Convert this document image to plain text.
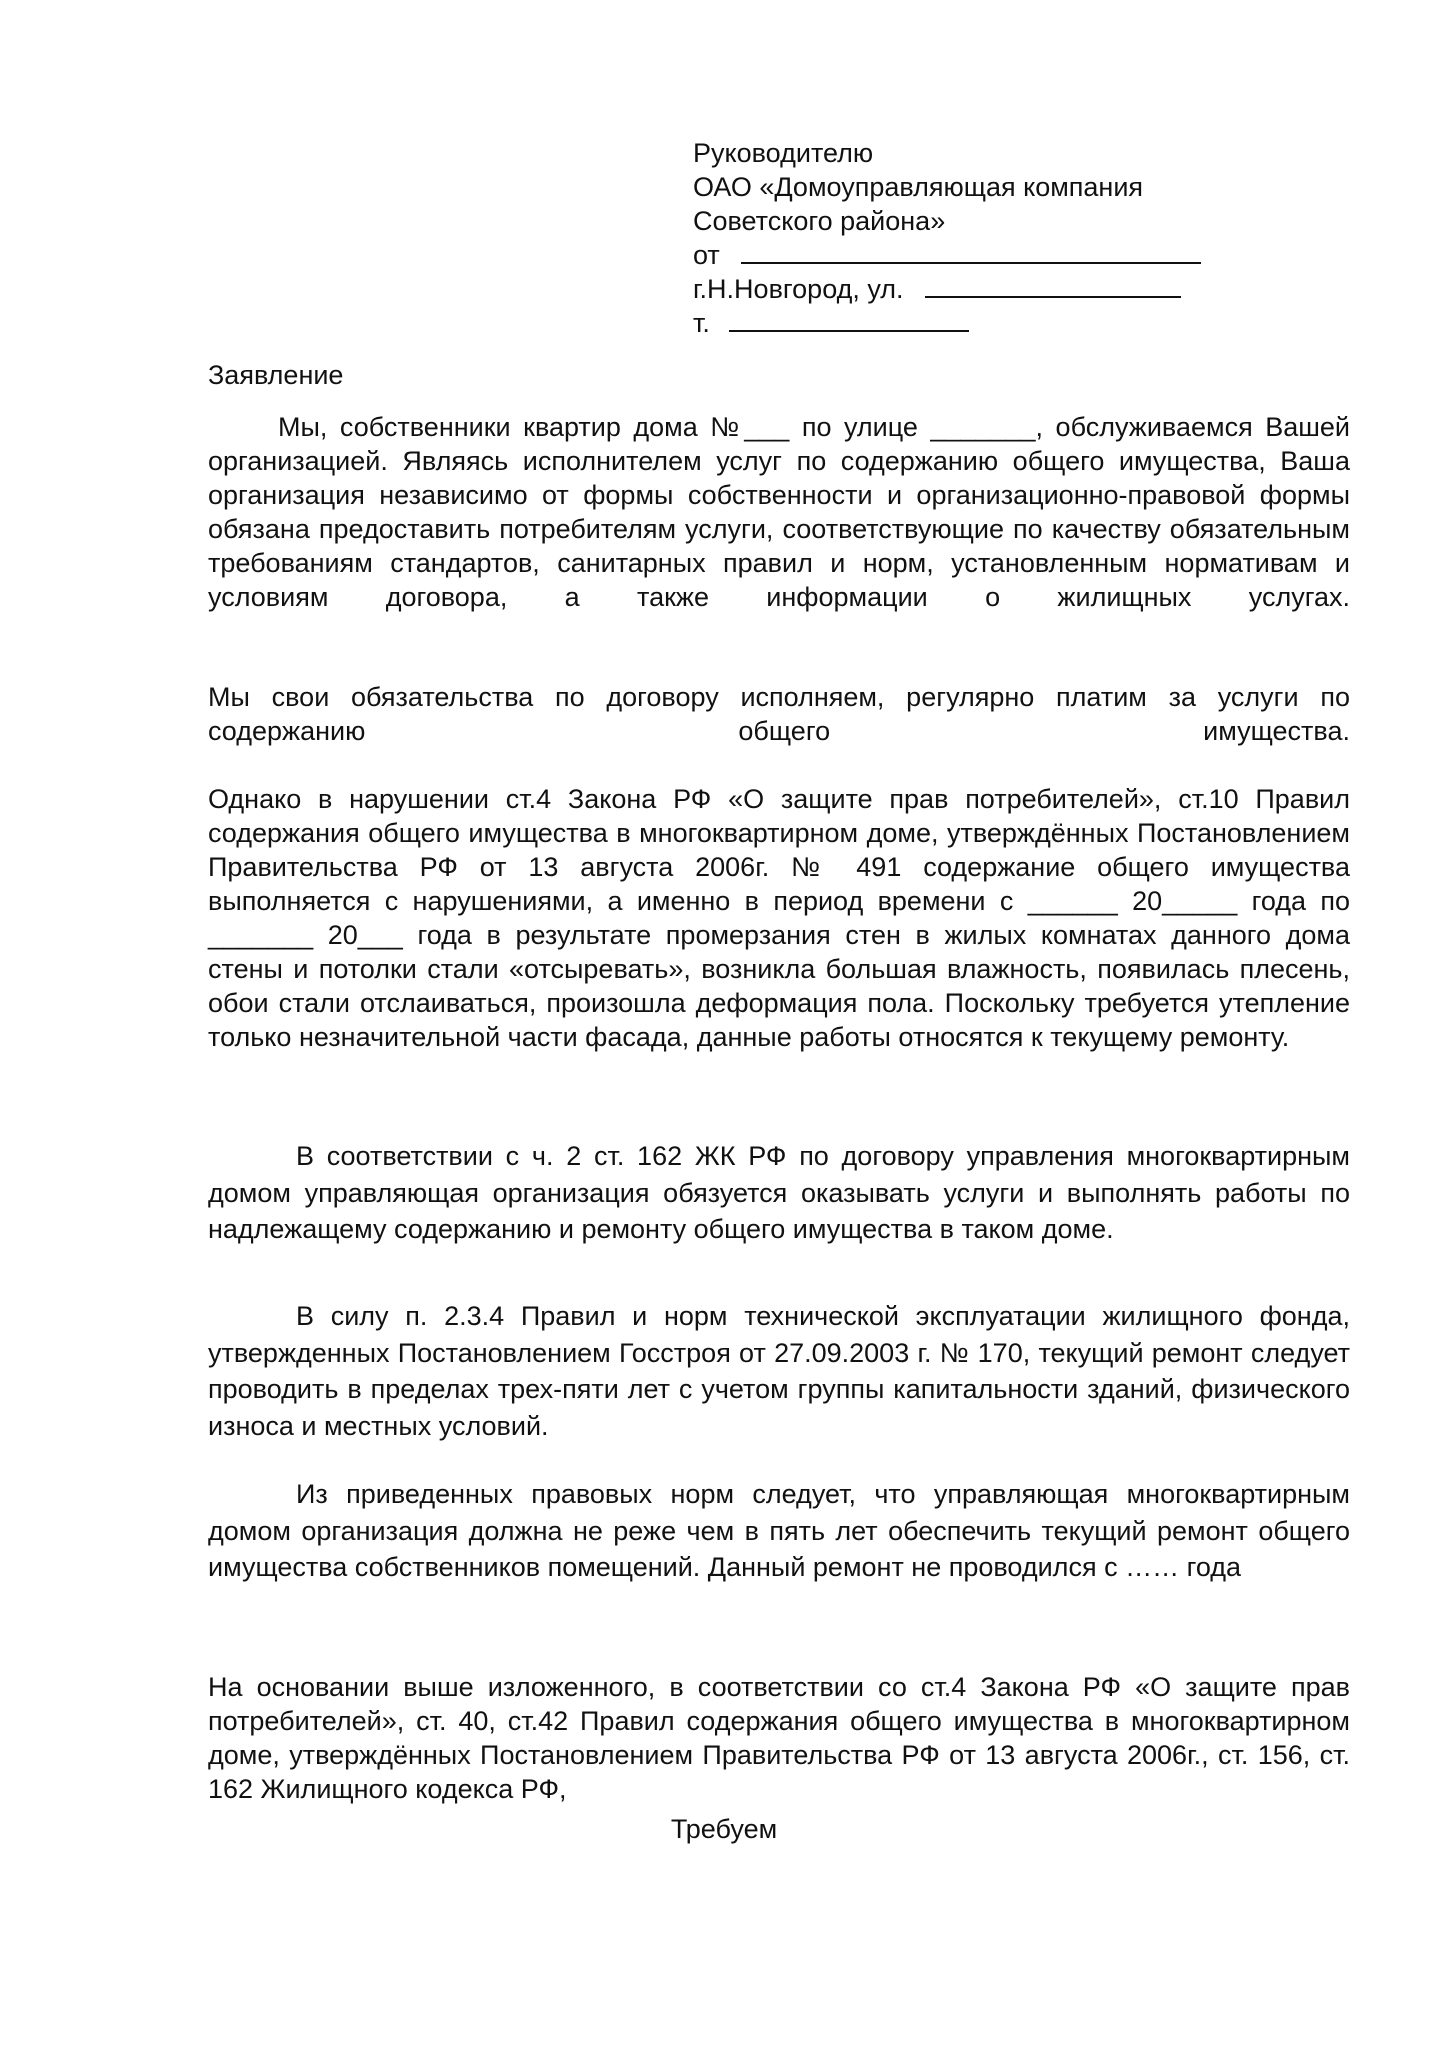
Руководителю
ОАО «Домоуправляющая компания
Советского района»
от
г.Н.Новгород, ул.
т.
Заявление

Мы, собственники квартир дома №___ по улице _______, обслуживаемся Вашей организацией. Являясь исполнителем услуг по содержанию общего имущества, Ваша организация независимо от формы собственности и организационно-правовой формы обязана предоставить потребителям услуги, соответствующие по качеству обязательным требованиям стандартов, санитарных правил и норм, установленным нормативам и условиям договора, а также информации о жилищных услугах.

Мы свои обязательства по договору исполняем, регулярно платим за услуги по содержанию общего имущества.

Однако в нарушении ст.4 Закона РФ «О защите прав потребителей», ст.10 Правил содержания общего имущества в многоквартирном доме, утверждённых Постановлением Правительства РФ от 13 августа 2006г. № 491 содержание общего имущества выполняется с нарушениями, а именно в период времени с ______ 20_____ года по _______ 20___ года в результате промерзания стен в жилых комнатах данного дома стены и потолки стали «отсыревать», возникла большая влажность, появилась плесень, обои стали отслаиваться, произошла деформация пола. Поскольку требуется утепление только незначительной части фасада, данные работы относятся к текущему ремонту.

В соответствии с ч. 2 ст. 162 ЖК РФ по договору управления многоквартирным домом управляющая организация обязуется оказывать услуги и выполнять работы по надлежащему содержанию и ремонту общего имущества в таком доме.

В силу п. 2.3.4 Правил и норм технической эксплуатации жилищного фонда, утвержденных Постановлением Госстроя от 27.09.2003 г. № 170, текущий ремонт следует проводить в пределах трех-пяти лет с учетом группы капитальности зданий, физического износа и местных условий.

Из приведенных правовых норм следует, что управляющая многоквартирным домом организация должна не реже чем в пять лет обеспечить текущий ремонт общего имущества собственников помещений. Данный ремонт не проводился с …… года

На основании выше изложенного, в соответствии со ст.4 Закона РФ «О защите прав потребителей», ст. 40, ст.42 Правил содержания общего имущества в многоквартирном доме, утверждённых Постановлением Правительства РФ от 13 августа 2006г., ст. 156, ст. 162 Жилищного кодекса РФ,

Требуем
